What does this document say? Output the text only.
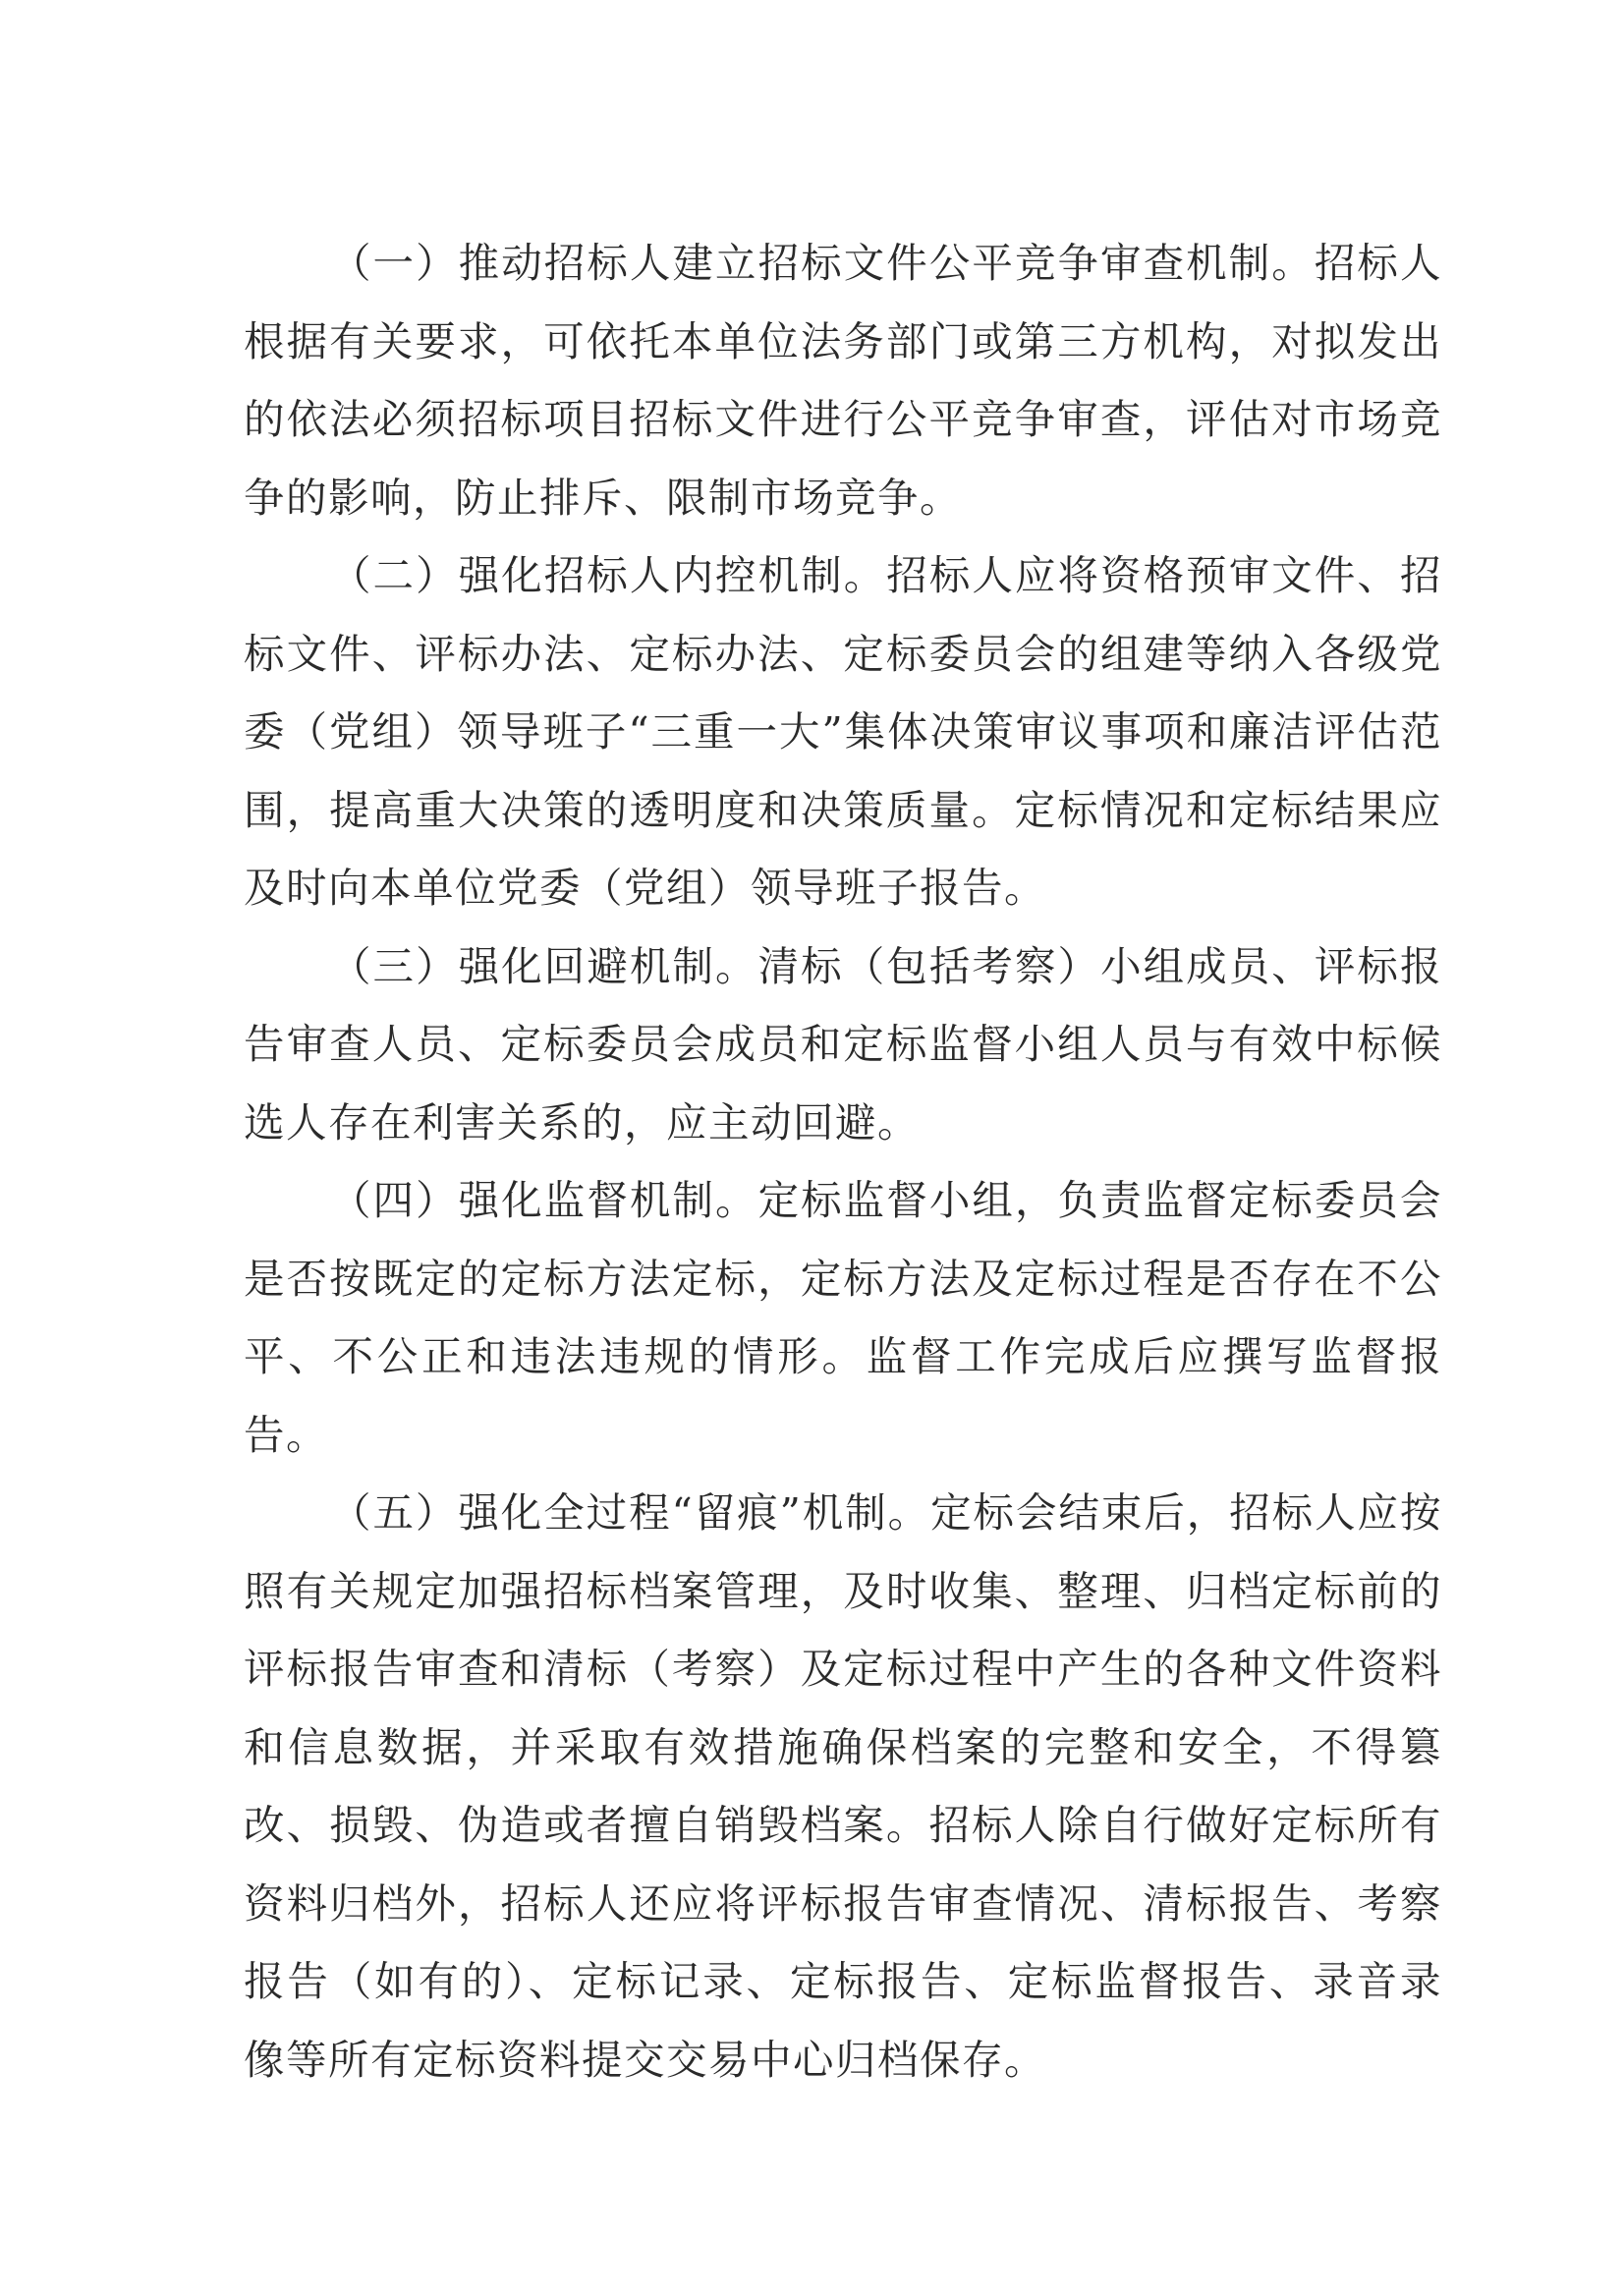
（一）推动招标人建立招标文件公平竞争审查机制。招标人根据有关要求，可依托本单位法务部门或第三方机构，对拟发出的依法必须招标项目招标文件进行公平竞争审查，评估对市场竞争的影响，防止排斥、限制市场竞争。

（二）强化招标人内控机制。招标人应将资格预审文件、招标文件、评标办法、定标办法、定标委员会的组建等纳入各级党委（党组）领导班子“三重一大”集体决策审议事项和廉洁评估范围，提高重大决策的透明度和决策质量。定标情况和定标结果应及时向本单位党委（党组）领导班子报告。

（三）强化回避机制。清标（包括考察）小组成员、评标报告审查人员、定标委员会成员和定标监督小组人员与有效中标候选人存在利害关系的，应主动回避。

（四）强化监督机制。定标监督小组，负责监督定标委员会是否按既定的定标方法定标，定标方法及定标过程是否存在不公平、不公正和违法违规的情形。监督工作完成后应撰写监督报告。

（五）强化全过程“留痕”机制。定标会结束后，招标人应按照有关规定加强招标档案管理，及时收集、整理、归档定标前的评标报告审查和清标（考察）及定标过程中产生的各种文件资料和信息数据，并采取有效措施确保档案的完整和安全，不得篡改、损毁、伪造或者擅自销毁档案。招标人除自行做好定标所有资料归档外，招标人还应将评标报告审查情况、清标报告、考察报告（如有的）、定标记录、定标报告、定标监督报告、录音录像等所有定标资料提交交易中心归档保存。
